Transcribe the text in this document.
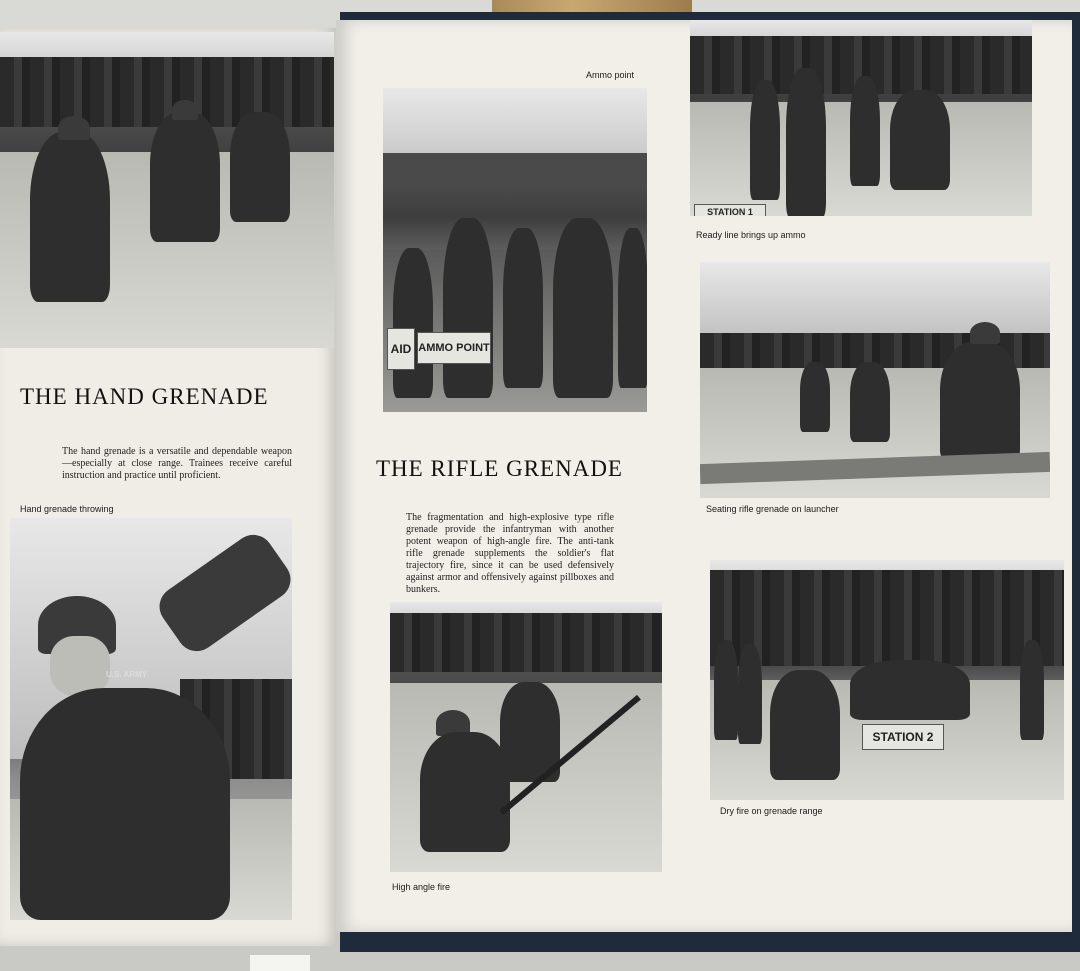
THE HAND GRENADE
The hand grenade is a versatile and dependable weapon—especially at close range. Trainees receive careful instruction and practice until proficient.
Hand grenade throwing
U.S. ARMY
Ammo point
AID AMMO POINT
THE RIFLE GRENADE
The fragmentation and high-explosive type rifle grenade provide the infantryman with another potent weapon of high-angle fire. The anti-tank rifle grenade supplements the soldier's flat trajectory fire, since it can be used defensively against armor and offensively against pillboxes and bunkers.
High angle fire
STATION 1
Ready line brings up ammo
Seating rifle grenade on launcher
STATION 2
Dry fire on grenade range
